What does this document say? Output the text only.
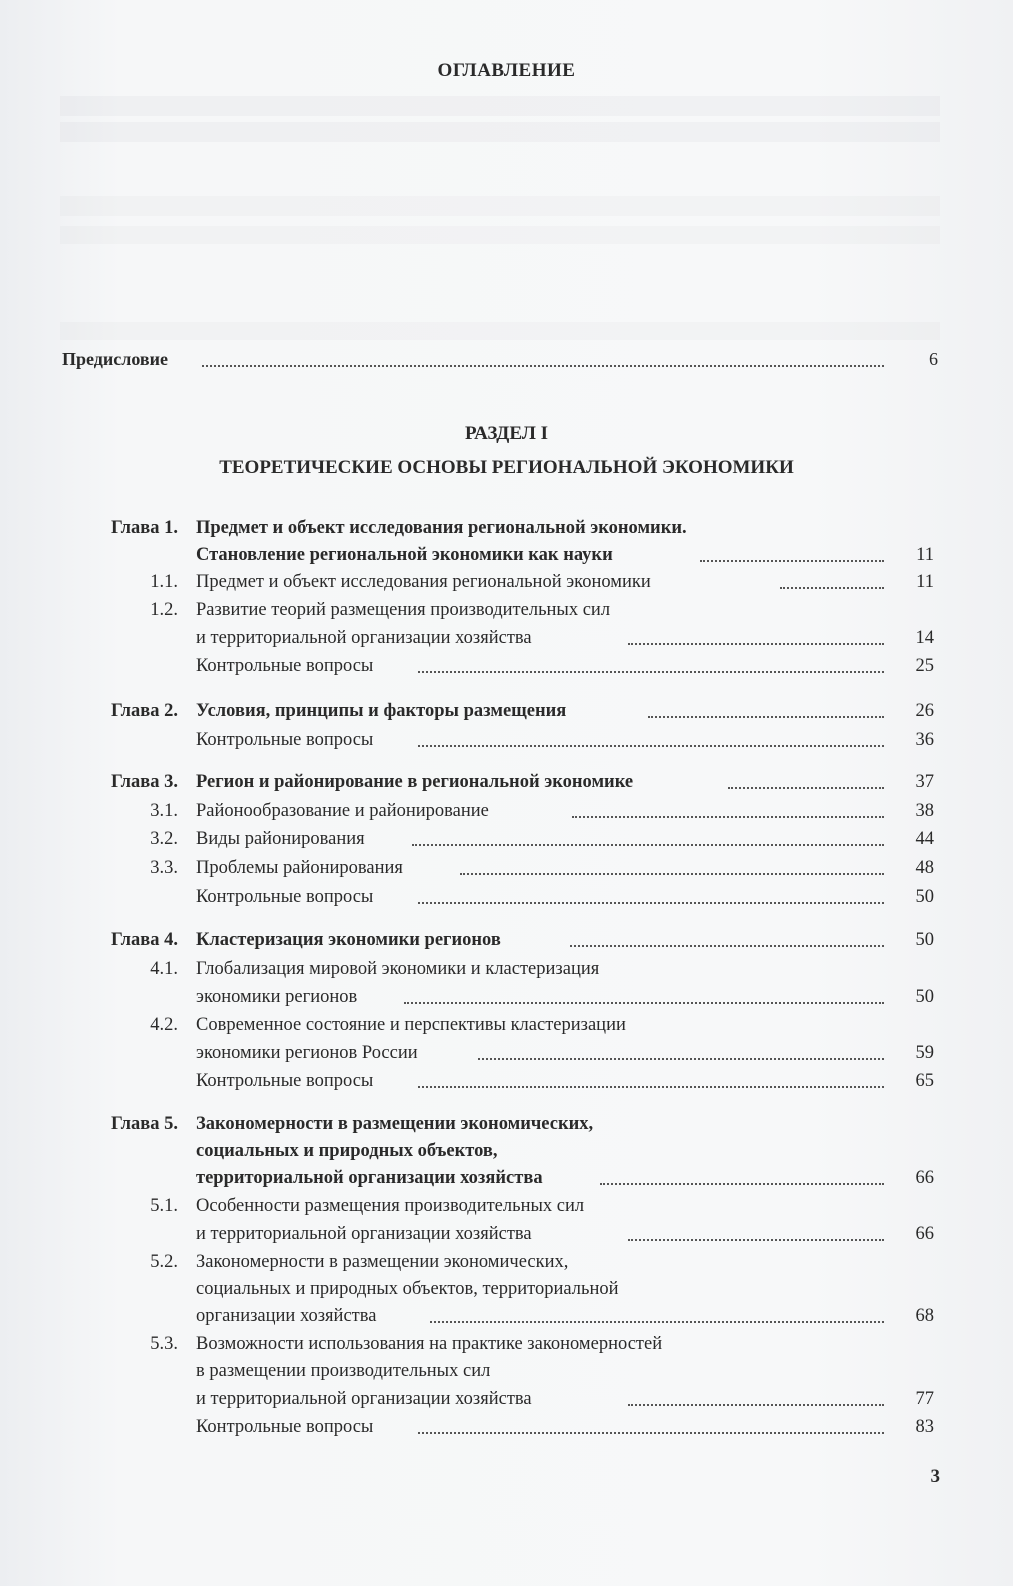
ОГЛАВЛЕНИЕ
Предисловие	6
РАЗДЕЛ I
ТЕОРЕТИЧЕСКИЕ ОСНОВЫ РЕГИОНАЛЬНОЙ ЭКОНОМИКИ
Глава 1. Предмет и объект исследования региональной экономики.
Становление региональной экономики как науки	11
1.1. Предмет и объект исследования региональной экономики	11
1.2. Развитие теорий размещения производительных сил
и территориальной организации хозяйства	14
Контрольные вопросы	25
Глава 2. Условия, принципы и факторы размещения	26
Контрольные вопросы	36
Глава 3. Регион и районирование в региональной экономике	37
3.1. Районообразование и районирование	38
3.2. Виды районирования	44
3.3. Проблемы районирования	48
Контрольные вопросы	50
Глава 4. Кластеризация экономики регионов	50
4.1. Глобализация мировой экономики и кластеризация
экономики регионов	50
4.2. Современное состояние и перспективы кластеризации
экономики регионов России	59
Контрольные вопросы	65
Глава 5. Закономерности в размещении экономических,
социальных и природных объектов,
территориальной организации хозяйства	66
5.1. Особенности размещения производительных сил
и территориальной организации хозяйства	66
5.2. Закономерности в размещении экономических,
социальных и природных объектов, территориальной
организации хозяйства	68
5.3. Возможности использования на практике закономерностей
в размещении производительных сил
и территориальной организации хозяйства	77
Контрольные вопросы	83
3
